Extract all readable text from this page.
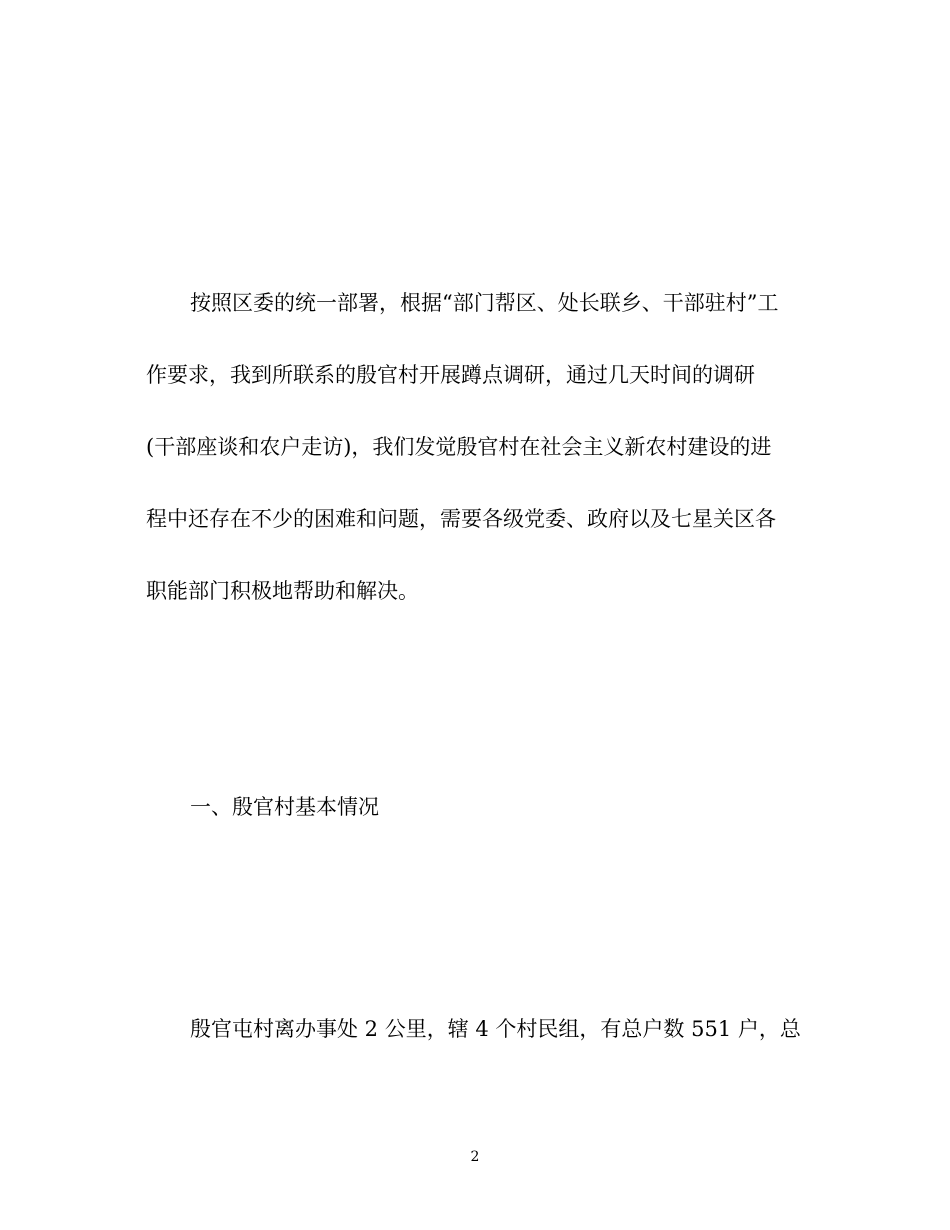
按照区委的统一部署，根据“部门帮区、处长联乡、干部驻村”工
作要求，我到所联系的殷官村开展蹲点调研，通过几天时间的调研
(干部座谈和农户走访)，我们发觉殷官村在社会主义新农村建设的进
程中还存在不少的困难和问题，需要各级党委、政府以及七星关区各
职能部门积极地帮助和解决。
一、殷官村基本情况
殷官屯村离办事处 2 公里，辖 4 个村民组，有总户数 551 户，总
2
